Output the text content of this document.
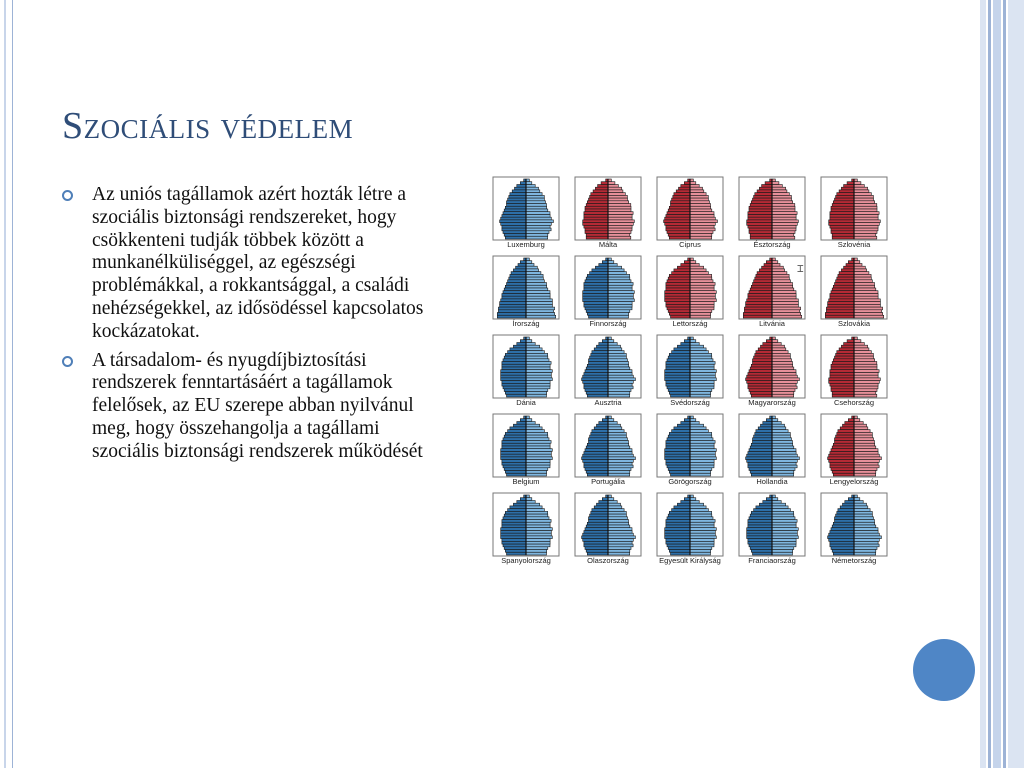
Szociális védelem
Az uniós tagállamok azért hozták létre a szociális biztonsági rendszereket, hogy csökkenteni tudják többek között a munkanélküliséggel, az egészségi problémákkal, a rokkantsággal, a családi nehézségekkel, az idősödéssel kapcsolatos kockázatokat.
A társadalom- és nyugdíjbiztosítási rendszerek fenntartásáért a tagállamok felelősek, az EU szerepe abban nyilvánul meg, hogy összehangolja a tagállami szociális biztonsági rendszerek működését
Luxemburg	Málta	Ciprus	Észtország	Szlovénia
Írország	Finnország	Lettország	Litvánia	Szlovákia
Dánia	Ausztria	Svédország	Magyarország	Csehország
Belgium	Portugália	Görögország	Hollandia	Lengyelország
Spanyolország	Olaszország	Egyesült Királyság	Franciaország	Németország
⌶
